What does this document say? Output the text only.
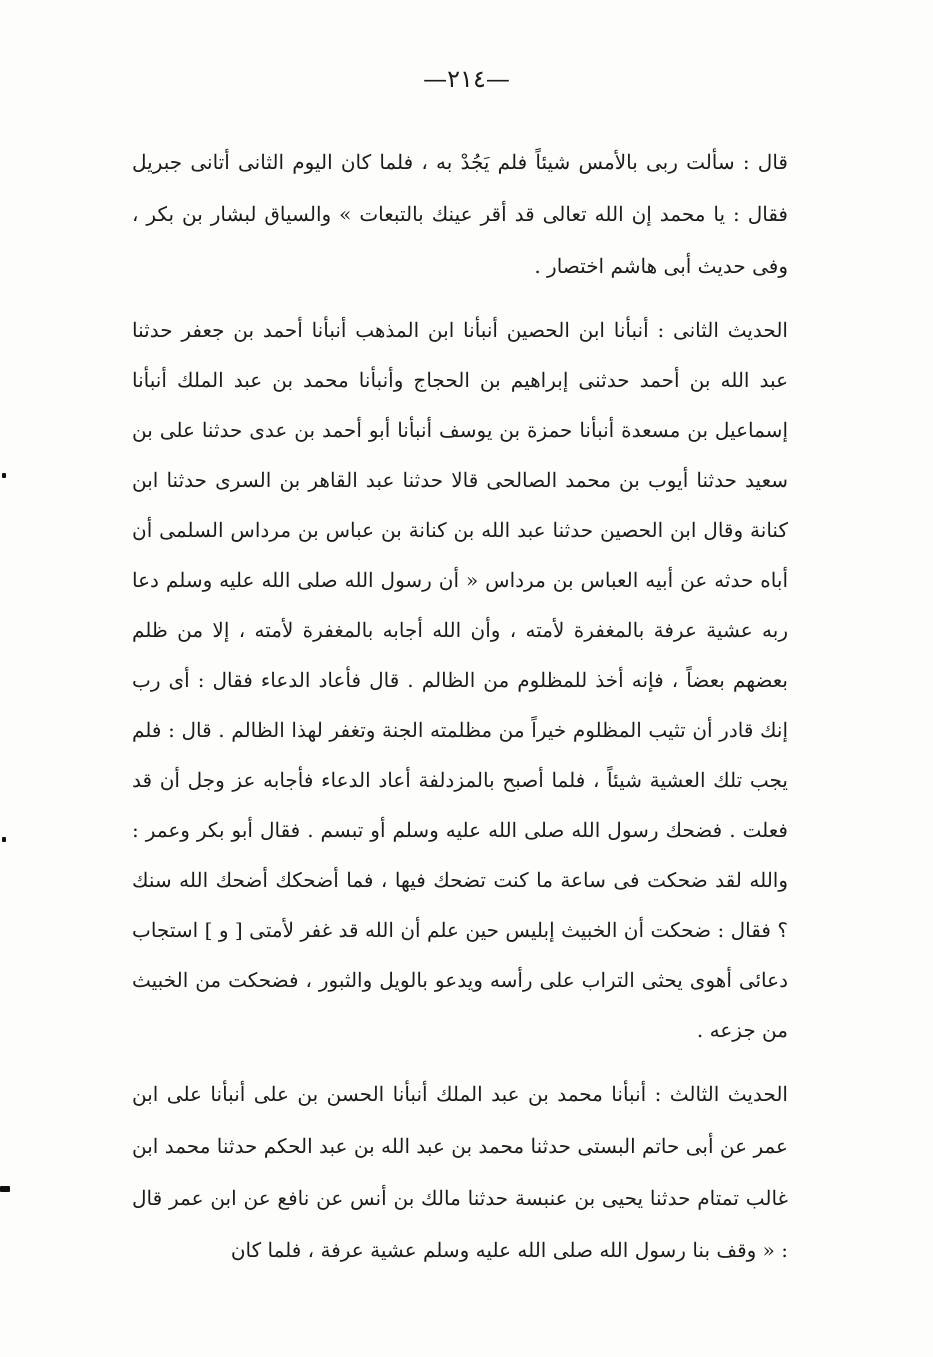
—٢١٤—

قال : سألت ربى بالأمس شيئاً فلم يَجُدْ به ، فلما كان اليوم الثانى أتانى جبريل فقال : يا محمد إن الله تعالى قد أقر عينك بالتبعات » والسياق لبشار بن بكر ، وفى حديث أبى هاشم اختصار .

الحديث الثانى : أنبأنا ابن الحصين أنبأنا ابن المذهب أنبأنا أحمد بن جعفر حدثنا عبد الله بن أحمد حدثنى إبراهيم بن الحجاج وأنبأنا محمد بن عبد الملك أنبأنا إسماعيل بن مسعدة أنبأنا حمزة بن يوسف أنبأنا أبو أحمد بن عدى حدثنا على بن سعيد حدثنا أيوب بن محمد الصالحى قالا حدثنا عبد القاهر بن السرى حدثنا ابن كنانة وقال ابن الحصين حدثنا عبد الله بن كنانة بن عباس بن مرداس السلمى أن أباه حدثه عن أبيه العباس بن مرداس « أن رسول الله صلى الله عليه وسلم دعا ربه عشية عرفة بالمغفرة لأمته ، وأن الله أجابه بالمغفرة لأمته ، إلا من ظلم بعضهم بعضاً ، فإنه أخذ للمظلوم من الظالم . قال فأعاد الدعاء فقال : أى رب إنك قادر أن تثيب المظلوم خيراً من مظلمته الجنة وتغفر لهذا الظالم . قال : فلم يجب تلك العشية شيئاً ، فلما أصبح بالمزدلفة أعاد الدعاء فأجابه عز وجل أن قد فعلت . فضحك رسول الله صلى الله عليه وسلم أو تبسم . فقال أبو بكر وعمر : والله لقد ضحكت فى ساعة ما كنت تضحك فيها ، فما أضحكك أضحك الله سنك ؟ فقال : ضحكت أن الخبيث إبليس حين علم أن الله قد غفر لأمتى [ و ] استجاب دعائى أهوى يحثى التراب على رأسه ويدعو بالويل والثبور ، فضحكت من الخبيث من جزعه .

الحديث الثالث : أنبأنا محمد بن عبد الملك أنبأنا الحسن بن على أنبأنا على ابن عمر عن أبى حاتم البستى حدثنا محمد بن عبد الله بن عبد الحكم حدثنا محمد ابن غالب تمتام حدثنا يحيى بن عنبسة حدثنا مالك بن أنس عن نافع عن ابن عمر قال : « وقف بنا رسول الله صلى الله عليه وسلم عشية عرفة ، فلما كان
